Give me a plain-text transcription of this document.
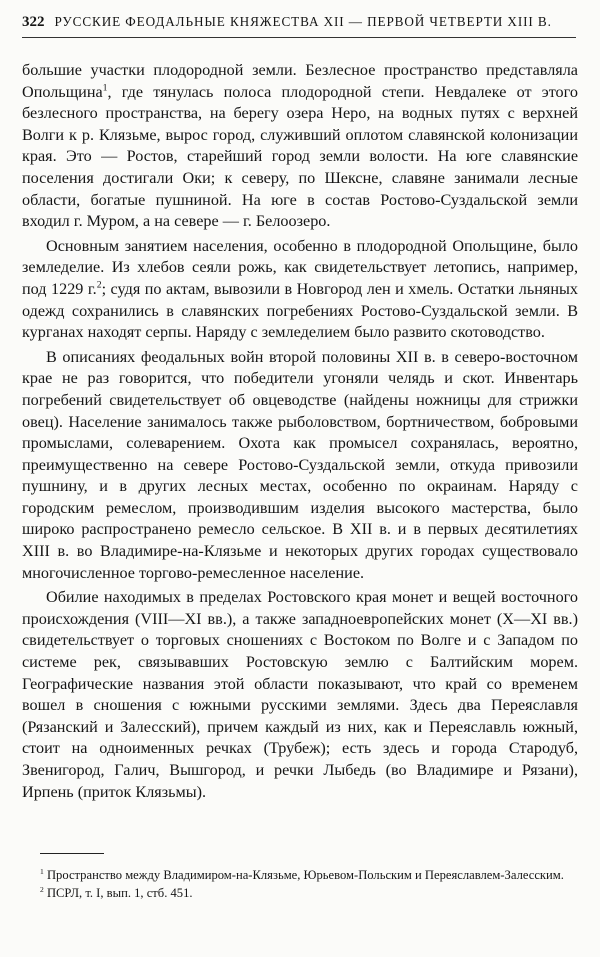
322 РУССКИЕ ФЕОДАЛЬНЫЕ КНЯЖЕСТВА XII — ПЕРВОЙ ЧЕТВЕРТИ XIII В.

большие участки плодородной земли. Безлесное пространство представляла Опольщина$^1$, где тянулась полоса плодородной степи. Невдалеке от этого безлесного пространства, на берегу озера Неро, на водных путях с верхней Волги к р. Клязьме, вырос город, служивший оплотом славянской колонизации края. Это — Ростов, старейший город земли волости. На юге славянские поселения достигали Оки; к северу, по Шексне, славяне занимали лесные области, богатые пушниной. На юге в состав Ростово-Суздальской земли входил г. Муром, а на севере — г. Белоозеро.

Основным занятием населения, особенно в плодородной Опольщине, было земледелие. Из хлебов сеяли рожь, как свидетельствует летопись, например, под 1229 г.$^2$; судя по актам, вывозили в Новгород лен и хмель. Остатки льняных одежд сохранились в славянских погребениях Ростово-Суздальской земли. В курганах находят серпы. Наряду с земледелием было развито скотоводство.

В описаниях феодальных войн второй половины XII в. в северо-восточном крае не раз говорится, что победители угоняли челядь и скот. Инвентарь погребений свидетельствует об овцеводстве (найдены ножницы для стрижки овец). Население занималось также рыболовством, бортничеством, бобровыми промыслами, солеварением. Охота как промысел сохранялась, вероятно, преимущественно на севере Ростово-Суздальской земли, откуда привозили пушнину, и в других лесных местах, особенно по окраинам. Наряду с городским ремеслом, производившим изделия высокого мастерства, было широко распространено ремесло сельское. В XII в. и в первых десятилетиях XIII в. во Владимире-на-Клязьме и некоторых других городах существовало многочисленное торгово-ремесленное население.

Обилие находимых в пределах Ростовского края монет и вещей восточного происхождения (VIII—XI вв.), а также западноевропейских монет (X—XI вв.) свидетельствует о торговых сношениях с Востоком по Волге и с Западом по системе рек, связывавших Ростовскую землю с Балтийским морем. Географические названия этой области показывают, что край со временем вошел в сношения с южными русскими землями. Здесь два Переяславля (Рязанский и Залесский), причем каждый из них, как и Переяславль южный, стоит на одноименных речках (Трубеж); есть здесь и города Стародуб, Звенигород, Галич, Вышгород, и речки Лыбедь (во Владимире и Рязани), Ирпень (приток Клязьмы).

$^1$ Пространство между Владимиром-на-Клязьме, Юрьевом-Польским и Переяславлем-Залесским.

$^2$ ПСРЛ, т. I, вып. 1, стб. 451.
